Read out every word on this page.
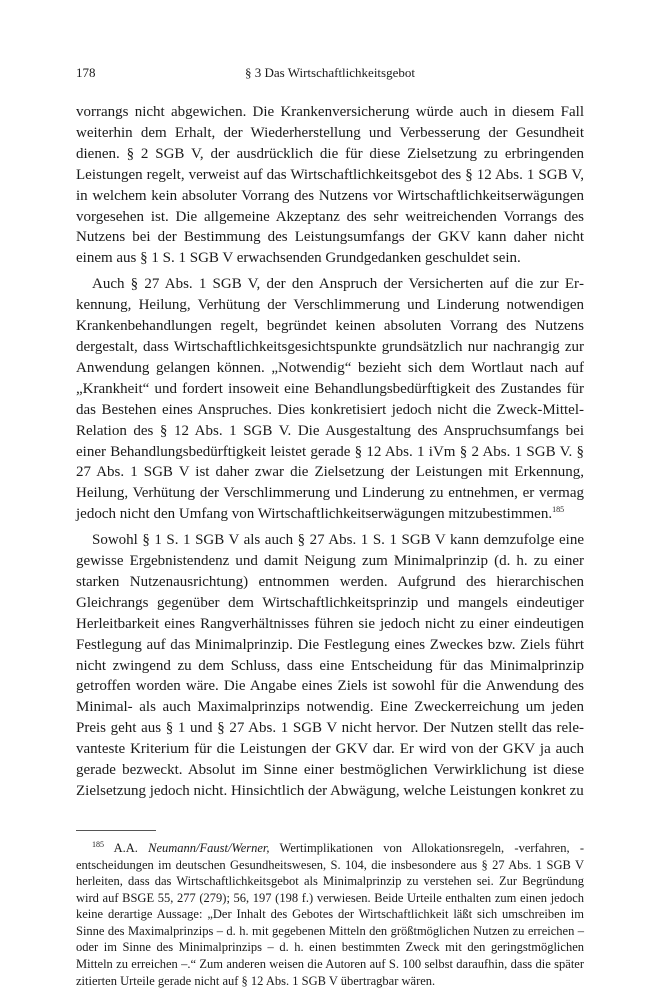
178	§ 3 Das Wirtschaftlichkeitsgebot

vorrangs nicht abgewichen. Die Krankenversicherung würde auch in diesem Fall weiterhin dem Erhalt, der Wiederherstellung und Verbesserung der Gesundheit dienen. § 2 SGB V, der ausdrücklich die für diese Zielsetzung zu erbringenden Leistungen regelt, verweist auf das Wirtschaftlichkeitsgebot des § 12 Abs. 1 SGB V, in welchem kein absoluter Vorrang des Nutzens vor Wirtschaftlichkeitserwägungen vorgesehen ist. Die allgemeine Akzeptanz des sehr weitreichenden Vorrangs des Nutzens bei der Bestimmung des Leistungsumfangs der GKV kann daher nicht einem aus § 1 S. 1 SGB V erwachsenden Grundgedanken geschuldet sein.

Auch § 27 Abs. 1 SGB V, der den Anspruch der Versicherten auf die zur Erkennung, Heilung, Verhütung der Verschlimmerung und Linderung notwendigen Krankenbehandlungen regelt, begründet keinen absoluten Vorrang des Nutzens dergestalt, dass Wirtschaftlichkeitsgesichtspunkte grundsätzlich nur nachrangig zur Anwendung gelangen können. „Notwendig“ bezieht sich dem Wortlaut nach auf „Krankheit“ und fordert insoweit eine Behandlungsbedürftigkeit des Zustandes für das Bestehen eines Anspruches. Dies konkretisiert jedoch nicht die Zweck-Mittel-Relation des § 12 Abs. 1 SGB V. Die Ausgestaltung des Anspruchsumfangs bei einer Behandlungsbedürftigkeit leistet gerade § 12 Abs. 1 iVm § 2 Abs. 1 SGB V. § 27 Abs. 1 SGB V ist daher zwar die Zielsetzung der Leistungen mit Erkennung, Heilung, Verhütung der Verschlimmerung und Linderung zu entnehmen, er vermag jedoch nicht den Umfang von Wirtschaftlichkeitserwägungen mitzubestimmen.$^{185}$

Sowohl § 1 S. 1 SGB V als auch § 27 Abs. 1 S. 1 SGB V kann demzufolge eine gewisse Ergebnistendenz und damit Neigung zum Minimalprinzip (d. h. zu einer starken Nutzenausrichtung) entnommen werden. Aufgrund des hierarchischen Gleichrangs gegenüber dem Wirtschaftlichkeitsprinzip und mangels eindeutiger Herleitbarkeit eines Rangverhältnisses führen sie jedoch nicht zu einer eindeutigen Festlegung auf das Minimalprinzip. Die Festlegung eines Zweckes bzw. Ziels führt nicht zwingend zu dem Schluss, dass eine Entscheidung für das Minimalprinzip getroffen worden wäre. Die Angabe eines Ziels ist sowohl für die Anwendung des Minimal- als auch Maximalprinzips notwendig. Eine Zweckerreichung um jeden Preis geht aus § 1 und § 27 Abs. 1 SGB V nicht hervor. Der Nutzen stellt das relevanteste Kriterium für die Leistungen der GKV dar. Er wird von der GKV ja auch gerade bezweckt. Absolut im Sinne einer bestmöglichen Verwirklichung ist diese Zielsetzung jedoch nicht. Hinsichtlich der Abwägung, welche Leistungen konkret zu

$^{185}$ A.A. Neumann/Faust/Werner, Wertimplikationen von Allokationsregeln, -verfahren, -entscheidungen im deutschen Gesundheitswesen, S. 104, die insbesondere aus § 27 Abs. 1 SGB V herleiten, dass das Wirtschaftlichkeitsgebot als Minimalprinzip zu verstehen sei. Zur Begründung wird auf BSGE 55, 277 (279); 56, 197 (198 f.) verwiesen. Beide Urteile enthalten zum einen jedoch keine derartige Aussage: „Der Inhalt des Gebotes der Wirtschaftlichkeit läßt sich umschreiben im Sinne des Maximalprinzips – d. h. mit gegebenen Mitteln den größtmöglichen Nutzen zu erreichen – oder im Sinne des Minimalprinzips – d. h. einen bestimmten Zweck mit den geringstmöglichen Mitteln zu erreichen –.“ Zum anderen weisen die Autoren auf S. 100 selbst daraufhin, dass die später zitierten Urteile gerade nicht auf § 12 Abs. 1 SGB V übertragbar wären.
